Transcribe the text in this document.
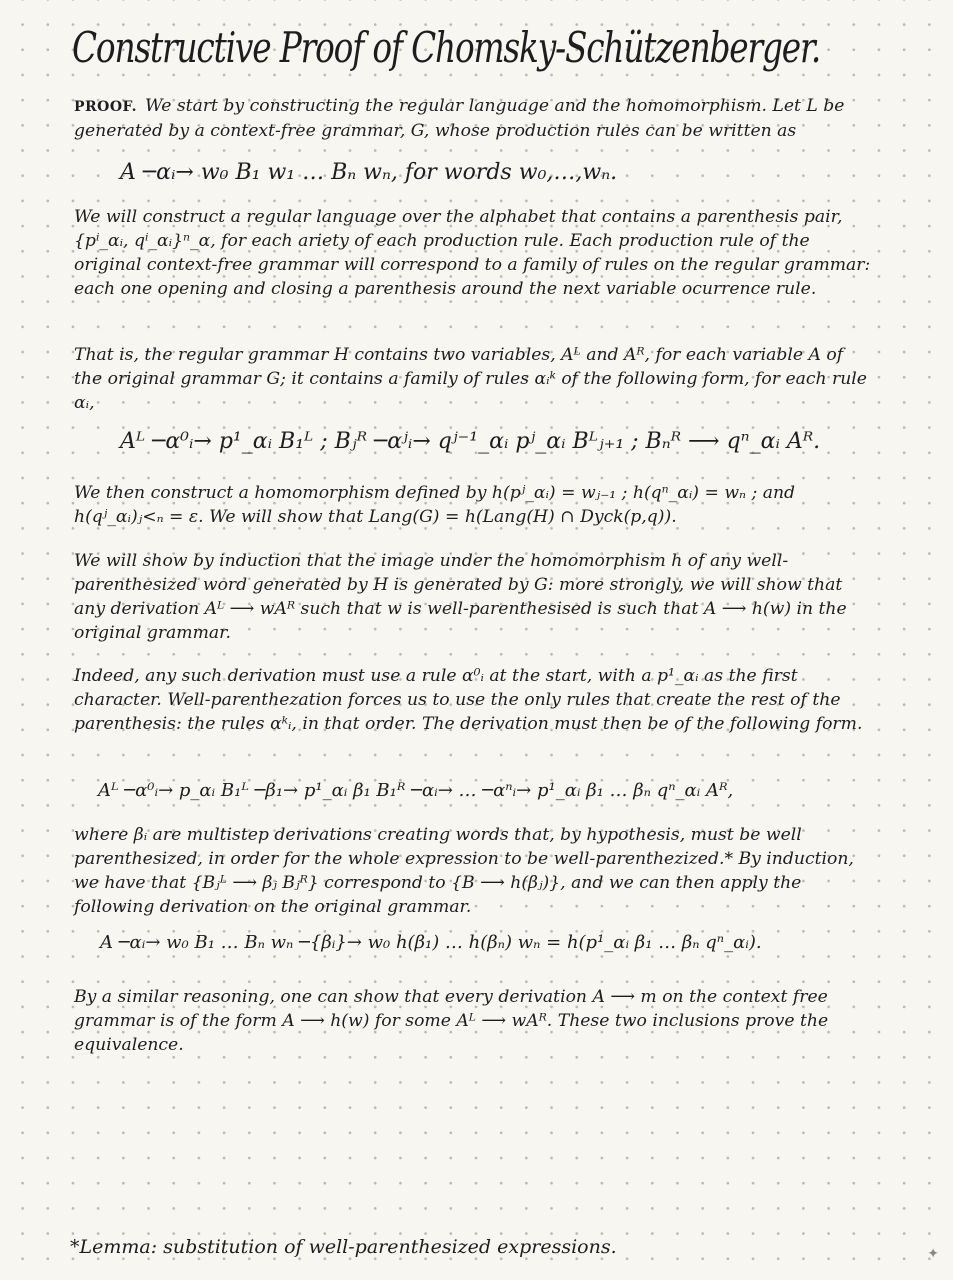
Constructive Proof of Chomsky-Schützenberger.
PROOF. We start by constructing the regular language and the homomorphism. Let L be generated by a context-free grammar, G, whose production rules can be written as
A ─αᵢ→ w₀ B₁ w₁ … Bₙ wₙ, for words w₀,…,wₙ.
We will construct a regular language over the alphabet that contains a parenthesis pair, {pⁱ_αᵢ, qⁱ_αᵢ}ⁿ_α, for each ariety of each production rule. Each production rule of the original context-free grammar will correspond to a family of rules on the regular grammar: each one opening and closing a parenthesis around the next variable ocurrence rule.
That is, the regular grammar H contains two variables, Aᴸ and Aᴿ, for each variable A of the original grammar G; it contains a family of rules αᵢᵏ of the following form, for each rule αᵢ,
Aᴸ ─α⁰ᵢ→ p¹_αᵢ B₁ᴸ ; Bⱼᴿ ─αʲᵢ→ qʲ⁻¹_αᵢ pʲ_αᵢ Bᴸⱼ₊₁ ; Bₙᴿ ⟶ qⁿ_αᵢ Aᴿ.
We then construct a homomorphism defined by h(pʲ_αᵢ) = wⱼ₋₁ ; h(qⁿ_αᵢ) = wₙ ; and h(qʲ_αᵢ)ⱼ<ₙ = ε. We will show that Lang(G) = h(Lang(H) ∩ Dyck(p,q)).
We will show by induction that the image under the homomorphism h of any well-parenthesized word generated by H is generated by G: more strongly, we will show that any derivation Aᴸ ⟶ wAᴿ such that w is well-parenthesised is such that A ⟶ h(w) in the original grammar.
Indeed, any such derivation must use a rule α⁰ᵢ at the start, with a p¹_αᵢ as the first character. Well-parenthezation forces us to use the only rules that create the rest of the parenthesis: the rules αᵏᵢ, in that order. The derivation must then be of the following form.
Aᴸ ─α⁰ᵢ→ p_αᵢ B₁ᴸ ─β₁→ p¹_αᵢ β₁ B₁ᴿ ─αᵢ→ … ─αⁿᵢ→ p¹_αᵢ β₁ … βₙ qⁿ_αᵢ Aᴿ,
where βᵢ are multistep derivations creating words that, by hypothesis, must be well parenthesized, in order for the whole expression to be well-parenthezized.* By induction, we have that {Bⱼᴸ ⟶ βⱼ Bⱼᴿ} correspond to {B ⟶ h(βⱼ)}, and we can then apply the following derivation on the original grammar.
A ─αᵢ→ w₀ B₁ … Bₙ wₙ ─{βᵢ}→ w₀ h(β₁) … h(βₙ) wₙ = h(p¹_αᵢ β₁ … βₙ qⁿ_αᵢ).
By a similar reasoning, one can show that every derivation A ⟶ m on the context free grammar is of the form A ⟶ h(w) for some Aᴸ ⟶ wAᴿ. These two inclusions prove the equivalence.
*Lemma: substitution of well-parenthesized expressions.	✦
